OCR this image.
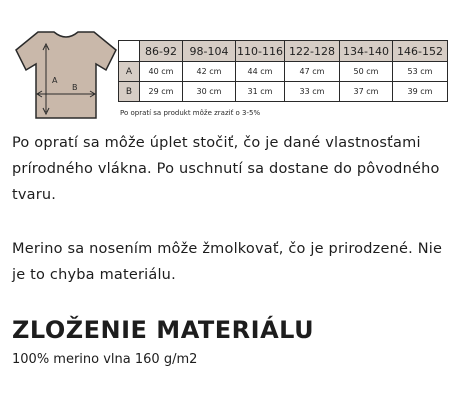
A
B
	86-92	98-104	110-116	122-128	134-140	146-152
A	40 cm	42 cm	44 cm	47 cm	50 cm	53 cm
B	29 cm	30 cm	31 cm	33 cm	37 cm	39 cm
Po opratí sa produkt môže zraziť o 3-5%

Po opratí sa môže úplet stočiť, čo je dané vlastnosťami prírodného vlákna. Po uschnutí sa dostane do pôvodného tvaru.

Merino sa nosením môže žmolkovať, čo je prirodzené. Nie je to chyba materiálu.

ZLOŽENIE MATERIÁLU
100% merino vlna 160 g/m2
